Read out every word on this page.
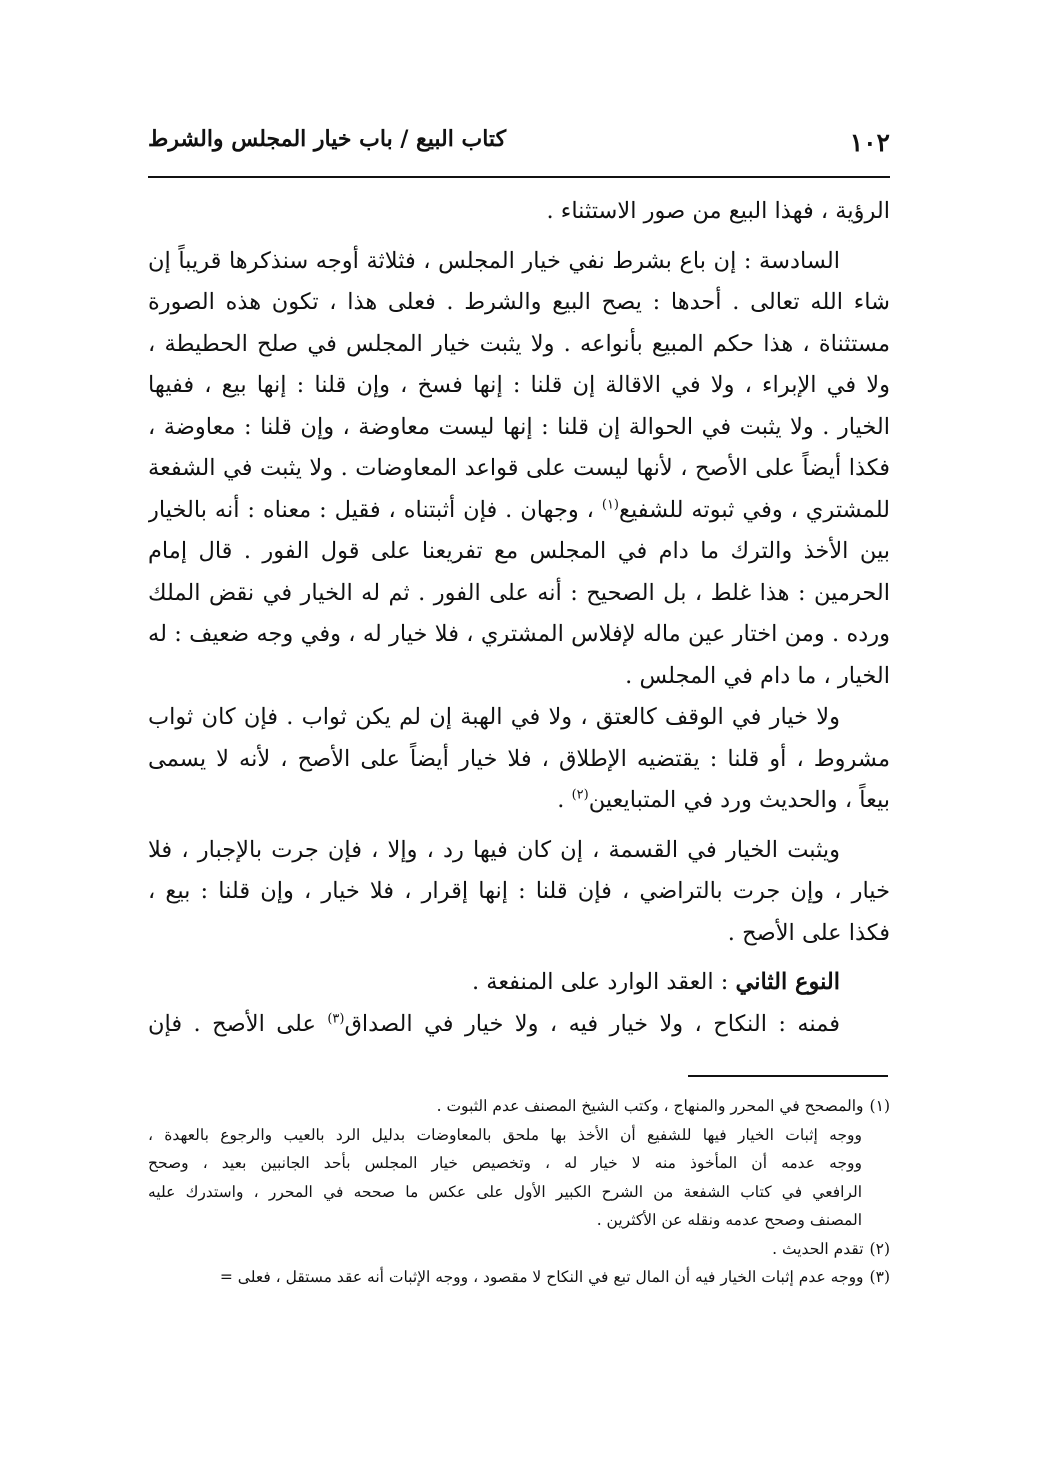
١٠٢
كتاب البيع / باب خيار المجلس والشرط
الرؤية ، فهذا البيع من صور الاستثناء .
السادسة : إن باع بشرط نفي خيار المجلس ، فثلاثة أوجه سنذكرها قريباً إن
شاء الله تعالى . أحدها : يصح البيع والشرط . فعلى هذا ، تكون هذه الصورة
مستثناة ، هذا حكم المبيع بأنواعه . ولا يثبت خيار المجلس في صلح الحطيطة ،
ولا في الإبراء ، ولا في الاقالة إن قلنا : إنها فسخ ، وإن قلنا : إنها بيع ، ففيها
الخيار . ولا يثبت في الحوالة إن قلنا : إنها ليست معاوضة ، وإن قلنا : معاوضة ،
فكذا أيضاً على الأصح ، لأنها ليست على قواعد المعاوضات . ولا يثبت في الشفعة
للمشتري ، وفي ثبوته للشفيع$^{(١)}$ ، وجهان . فإن أثبتناه ، فقيل : معناه : أنه بالخيار
بين الأخذ والترك ما دام في المجلس مع تفريعنا على قول الفور . قال إمام
الحرمين : هذا غلط ، بل الصحيح : أنه على الفور . ثم له الخيار في نقض الملك
ورده . ومن اختار عين ماله لإفلاس المشتري ، فلا خيار له ، وفي وجه ضعيف : له
الخيار ، ما دام في المجلس .
ولا خيار في الوقف كالعتق ، ولا في الهبة إن لم يكن ثواب . فإن كان ثواب
مشروط ، أو قلنا : يقتضيه الإطلاق ، فلا خيار أيضاً على الأصح ، لأنه لا يسمى
بيعاً ، والحديث ورد في المتبايعين$^{(٢)}$ .
ويثبت الخيار في القسمة ، إن كان فيها رد ، وإلا ، فإن جرت بالإجبار ، فلا
خيار ، وإن جرت بالتراضي ، فإن قلنا : إنها إقرار ، فلا خيار ، وإن قلنا : بيع ،
فكذا على الأصح .
النوع الثاني : العقد الوارد على المنفعة .
فمنه : النكاح ، ولا خيار فيه ، ولا خيار في الصداق$^{(٣)}$ على الأصح . فإن
(١)والمصحح في المحرر والمنهاج ، وكتب الشيخ المصنف عدم الثبوت .
ووجه إثبات الخيار فيها للشفيع أن الأخذ بها ملحق بالمعاوضات بدليل الرد بالعيب والرجوع بالعهدة ،
ووجه عدمه أن المأخوذ منه لا خيار له ، وتخصيص خيار المجلس بأحد الجانبين بعيد ، وصحح
الرافعي في كتاب الشفعة من الشرح الكبير الأول على عكس ما صححه في المحرر ، واستدرك عليه
المصنف وصحح عدمه ونقله عن الأكثرين .
(٢)تقدم الحديث .
(٣)ووجه عدم إثبات الخيار فيه أن المال تبع في النكاح لا مقصود ، ووجه الإثبات أنه عقد مستقل ، فعلى =
